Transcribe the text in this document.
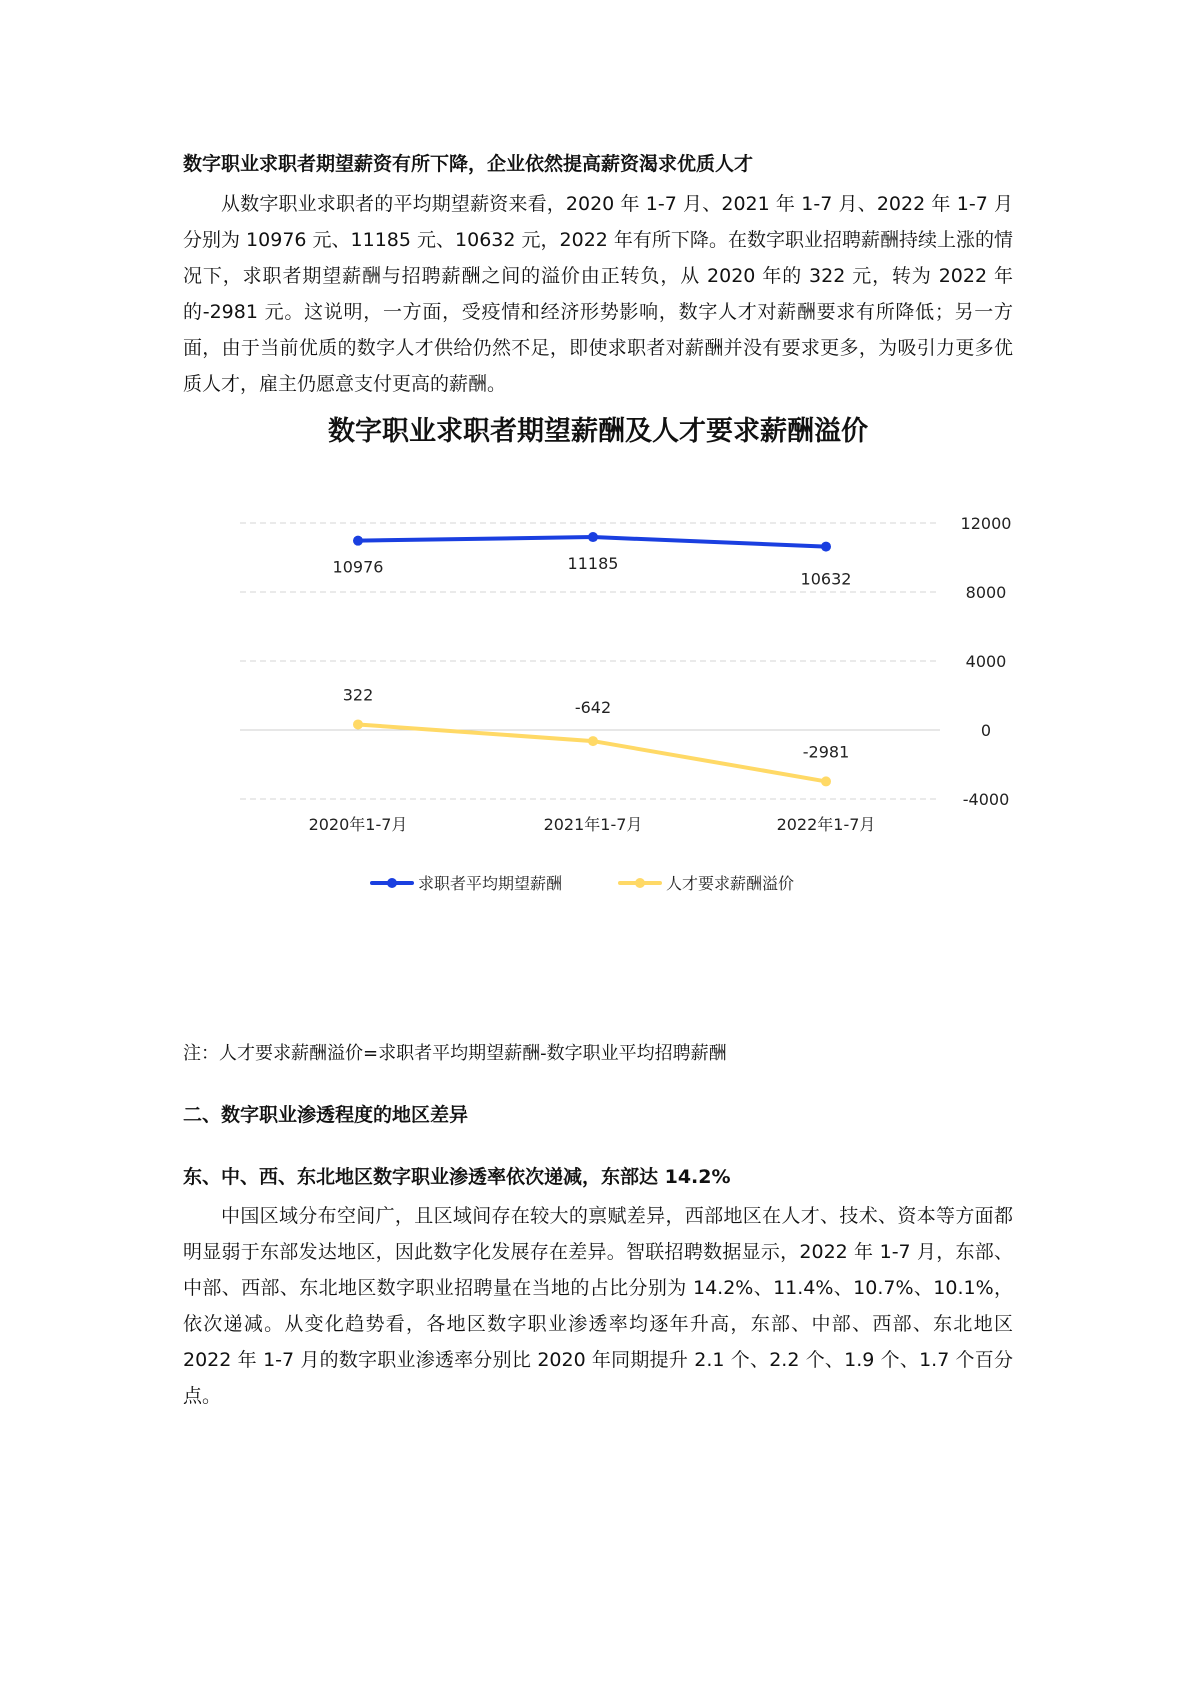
数字职业求职者期望薪资有所下降，企业依然提高薪资渴求优质人才
从数字职业求职者的平均期望薪资来看，2020 年 1-7 月、2021 年 1-7 月、2022 年 1-7 月分别为 10976 元、11185 元、10632 元，2022 年有所下降。在数字职业招聘薪酬持续上涨的情况下，求职者期望薪酬与招聘薪酬之间的溢价由正转负，从 2020 年的 322 元，转为 2022 年的-2981 元。这说明，一方面，受疫情和经济形势影响，数字人才对薪酬要求有所降低；另一方面，由于当前优质的数字人才供给仍然不足，即使求职者对薪酬并没有要求更多，为吸引力更多优质人才，雇主仍愿意支付更高的薪酬。
数字职业求职者期望薪酬及人才要求薪酬溢价
12000
8000
4000
0
-4000
2020年1-7月	2021年1-7月	2022年1-7月
10976	11185
10632
322
-642
-2981
求职者平均期望薪酬	人才要求薪酬溢价
注：人才要求薪酬溢价=求职者平均期望薪酬-数字职业平均招聘薪酬
二、数字职业渗透程度的地区差异
东、中、西、东北地区数字职业渗透率依次递减，东部达 14.2%
中国区域分布空间广，且区域间存在较大的禀赋差异，西部地区在人才、技术、资本等方面都明显弱于东部发达地区，因此数字化发展存在差异。智联招聘数据显示，2022 年 1-7 月，东部、中部、西部、东北地区数字职业招聘量在当地的占比分别为 14.2%、11.4%、10.7%、10.1%，依次递减。从变化趋势看，各地区数字职业渗透率均逐年升高，东部、中部、西部、东北地区 2022 年 1-7 月的数字职业渗透率分别比 2020 年同期提升 2.1 个、2.2 个、1.9 个、1.7 个百分点。
